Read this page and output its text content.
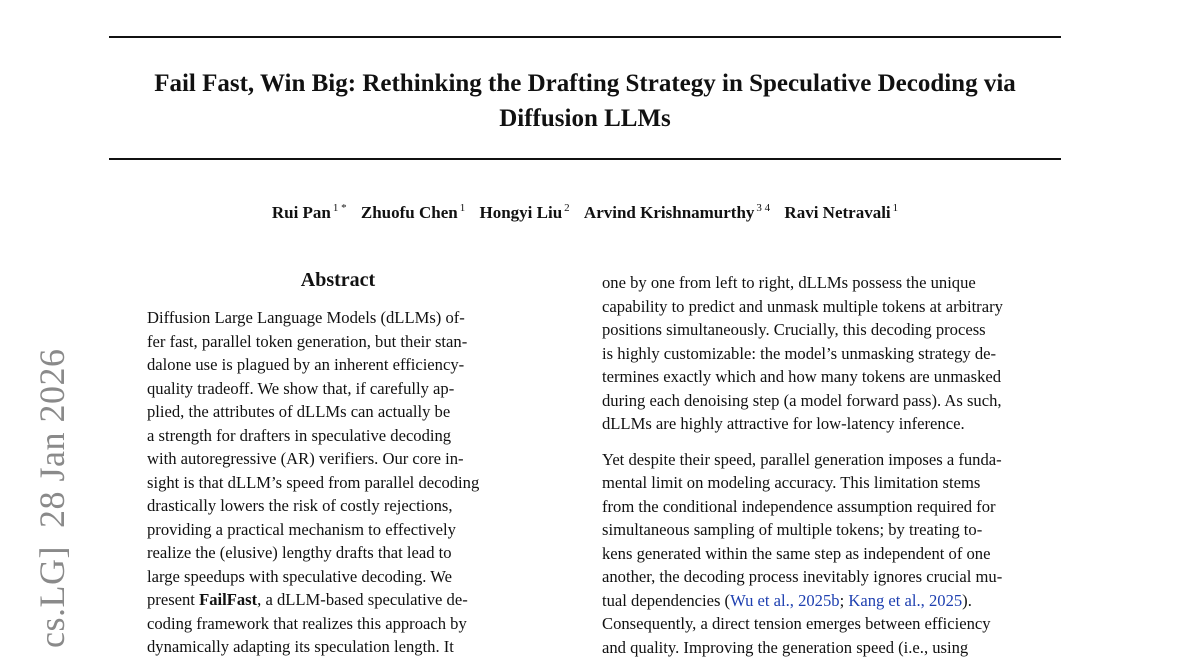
Fail Fast, Win Big: Rethinking the Drafting Strategy in Speculative Decoding via
Diffusion LLMs
Rui Pan $^{1 *}$ Zhuofu Chen $^1$ Hongyi Liu $^2$ Arvind Krishnamurthy $^{3 4}$ Ravi Netravali $^1$
cs.LG]28 Jan 2026
Abstract
Diffusion Large Language Models (dLLMs) of-
fer fast, parallel token generation, but their stan-
dalone use is plagued by an inherent efficiency-
quality tradeoff. We show that, if carefully ap-
plied, the attributes of dLLMs can actually be
a strength for drafters in speculative decoding
with autoregressive (AR) verifiers. Our core in-
sight is that dLLM’s speed from parallel decoding
drastically lowers the risk of costly rejections,
providing a practical mechanism to effectively
realize the (elusive) lengthy drafts that lead to
large speedups with speculative decoding. We
present FailFast, a dLLM-based speculative de-
coding framework that realizes this approach by
dynamically adapting its speculation length. It
one by one from left to right, dLLMs possess the unique
capability to predict and unmask multiple tokens at arbitrary
positions simultaneously. Crucially, this decoding process
is highly customizable: the model’s unmasking strategy de-
termines exactly which and how many tokens are unmasked
during each denoising step (a model forward pass). As such,
dLLMs are highly attractive for low-latency inference.
Yet despite their speed, parallel generation imposes a funda-
mental limit on modeling accuracy. This limitation stems
from the conditional independence assumption required for
simultaneous sampling of multiple tokens; by treating to-
kens generated within the same step as independent of one
another, the decoding process inevitably ignores crucial mu-
tual dependencies (Wu et al., 2025b; Kang et al., 2025).
Consequently, a direct tension emerges between efficiency
and quality. Improving the generation speed (i.e., using
